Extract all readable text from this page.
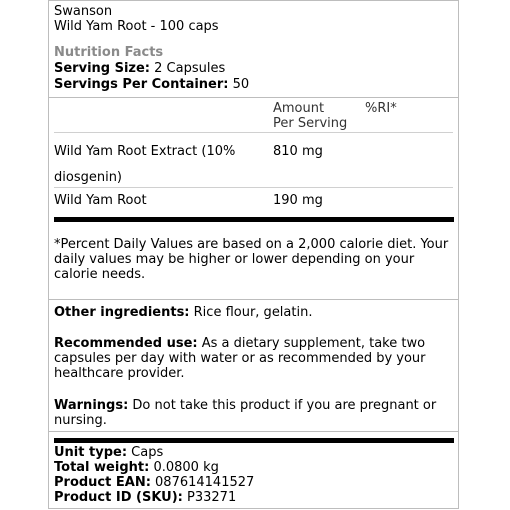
Swanson
Wild Yam Root - 100 caps
Nutrition Facts
Serving Size: 2 Capsules
Servings Per Container: 50
Amount
Per Serving
%RI*
Wild Yam Root Extract (10%
diosgenin)
810 mg
Wild Yam Root	190 mg
*Percent Daily Values are based on a 2,000 calorie diet. Your daily values may be higher or lower depending on your calorie needs.
Other ingredients: Rice flour, gelatin.
Recommended use: As a dietary supplement, take two capsules per day with water or as recommended by your healthcare provider.
Warnings: Do not take this product if you are pregnant or nursing.
Unit type: Caps
Total weight: 0.0800 kg
Product EAN: 087614141527
Product ID (SKU): P33271
